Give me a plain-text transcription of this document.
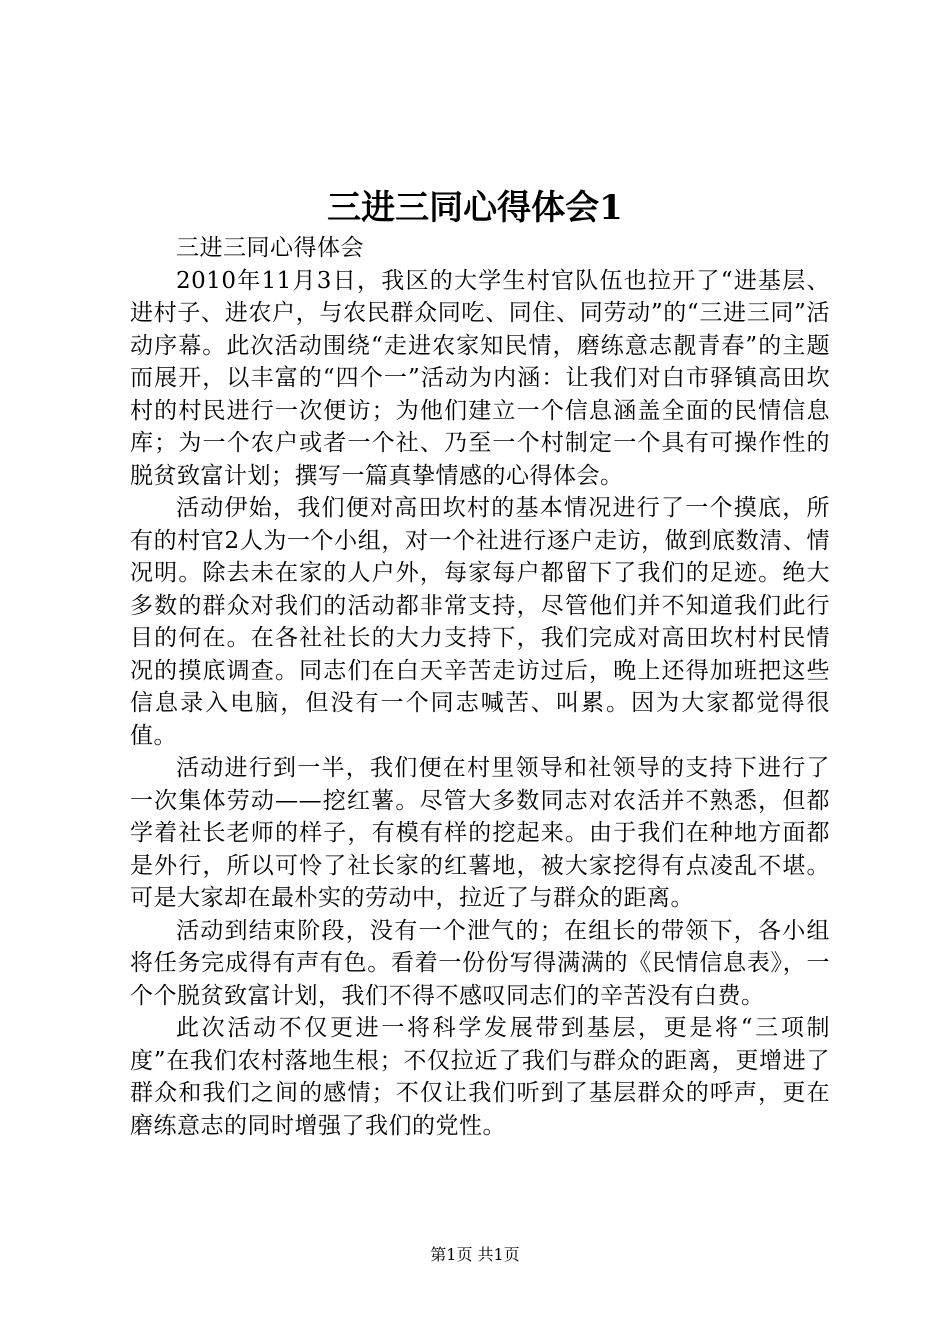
三进三同心得体会1

三进三同心得体会

2010年11月3日，我区的大学生村官队伍也拉开了“进基层、进村子、进农户，与农民群众同吃、同住、同劳动”的“三进三同”活动序幕。此次活动围绕“走进农家知民情，磨练意志靓青春”的主题而展开，以丰富的“四个一”活动为内涵：让我们对白市驿镇高田坎村的村民进行一次便访；为他们建立一个信息涵盖全面的民情信息库；为一个农户或者一个社、乃至一个村制定一个具有可操作性的脱贫致富计划；撰写一篇真挚情感的心得体会。

活动伊始，我们便对高田坎村的基本情况进行了一个摸底，所有的村官2人为一个小组，对一个社进行逐户走访，做到底数清、情况明。除去未在家的人户外，每家每户都留下了我们的足迹。绝大多数的群众对我们的活动都非常支持，尽管他们并不知道我们此行目的何在。在各社社长的大力支持下，我们完成对高田坎村村民情况的摸底调查。同志们在白天辛苦走访过后，晚上还得加班把这些信息录入电脑，但没有一个同志喊苦、叫累。因为大家都觉得很值。

活动进行到一半，我们便在村里领导和社领导的支持下进行了一次集体劳动——挖红薯。尽管大多数同志对农活并不熟悉，但都学着社长老师的样子，有模有样的挖起来。由于我们在种地方面都是外行，所以可怜了社长家的红薯地，被大家挖得有点凌乱不堪。可是大家却在最朴实的劳动中，拉近了与群众的距离。

活动到结束阶段，没有一个泄气的；在组长的带领下，各小组将任务完成得有声有色。看着一份份写得满满的《民情信息表》，一个个脱贫致富计划，我们不得不感叹同志们的辛苦没有白费。

此次活动不仅更进一将科学发展带到基层，更是将“三项制度”在我们农村落地生根；不仅拉近了我们与群众的距离，更增进了群众和我们之间的感情；不仅让我们听到了基层群众的呼声，更在磨练意志的同时增强了我们的党性。

第1页 共1页
